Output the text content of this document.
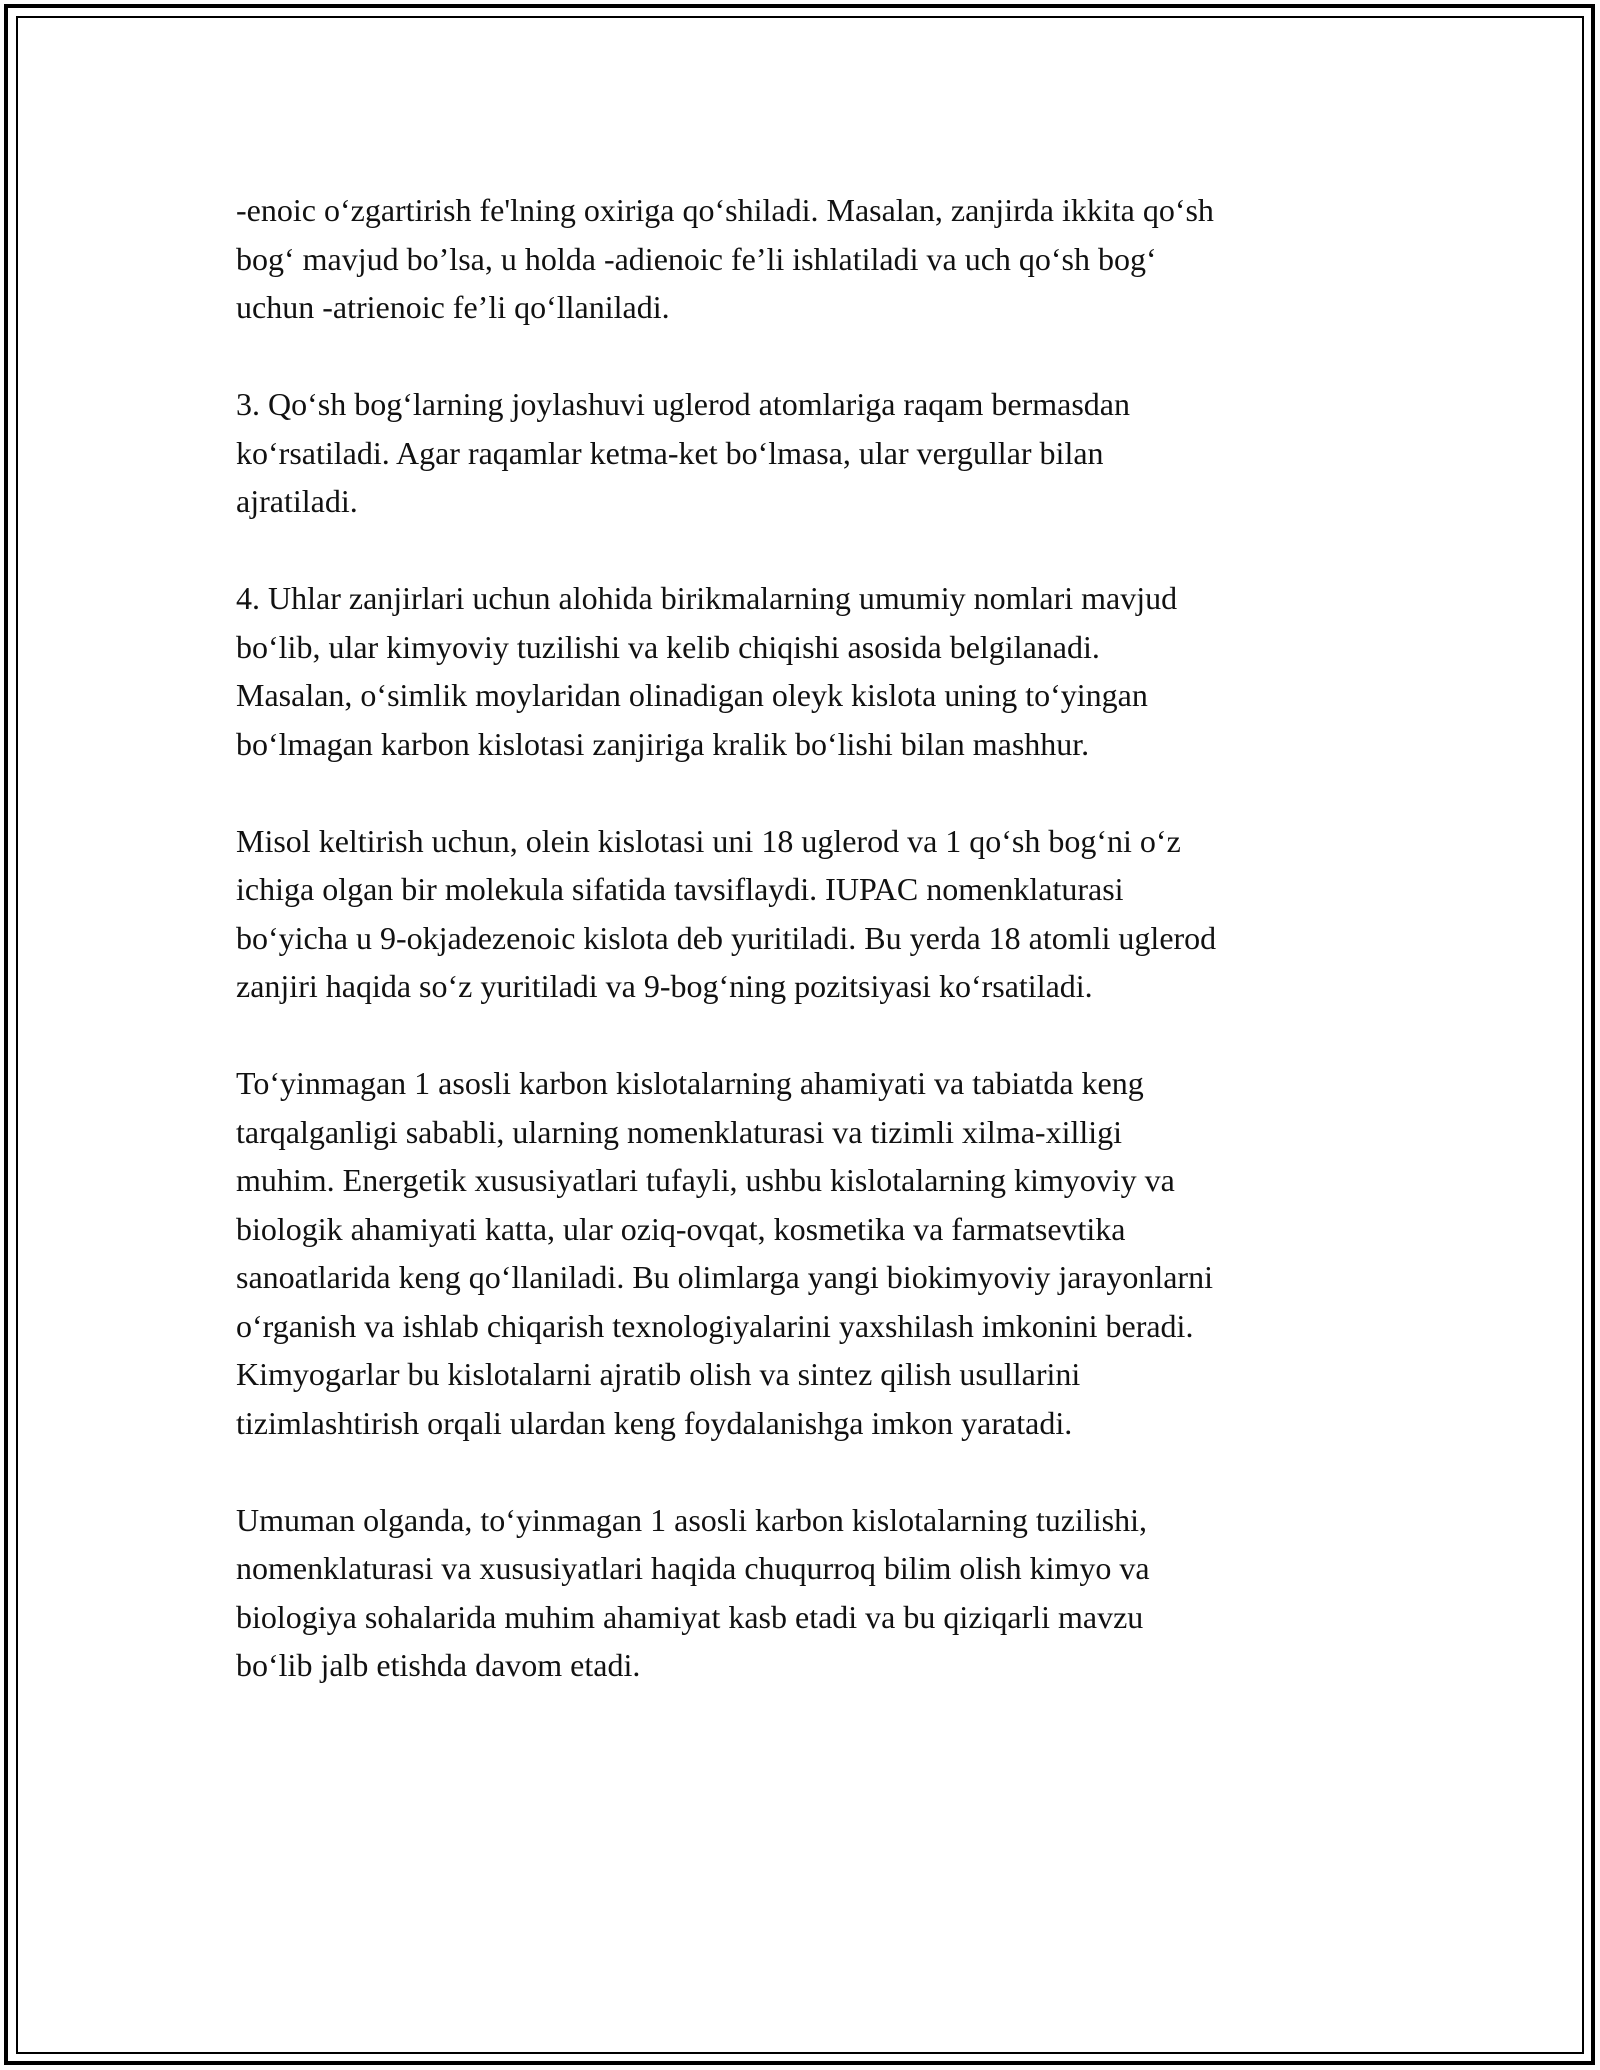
-enoic o‘zgartirish fe'lning oxiriga qo‘shiladi. Masalan, zanjirda ikkita qo‘sh
bog‘ mavjud bo’lsa, u holda -adienoic fe’li ishlatiladi va uch qo‘sh bog‘
uchun -atrienoic fe’li qo‘llaniladi.

3. Qo‘sh bog‘larning joylashuvi uglerod atomlariga raqam bermasdan
ko‘rsatiladi. Agar raqamlar ketma-ket bo‘lmasa, ular vergullar bilan
ajratiladi.

4. Uhlar zanjirlari uchun alohida birikmalarning umumiy nomlari mavjud
bo‘lib, ular kimyoviy tuzilishi va kelib chiqishi asosida belgilanadi.
Masalan, o‘simlik moylaridan olinadigan oleyk kislota uning to‘yingan
bo‘lmagan karbon kislotasi zanjiriga kralik bo‘lishi bilan mashhur.

Misol keltirish uchun, olein kislotasi uni 18 uglerod va 1 qo‘sh bog‘ni o‘z
ichiga olgan bir molekula sifatida tavsiflaydi. IUPAC nomenklaturasi
bo‘yicha u 9-okjadezenoic kislota deb yuritiladi. Bu yerda 18 atomli uglerod
zanjiri haqida so‘z yuritiladi va 9-bog‘ning pozitsiyasi ko‘rsatiladi.

To‘yinmagan 1 asosli karbon kislotalarning ahamiyati va tabiatda keng
tarqalganligi sababli, ularning nomenklaturasi va tizimli xilma-xilligi
muhim. Energetik xususiyatlari tufayli, ushbu kislotalarning kimyoviy va
biologik ahamiyati katta, ular oziq-ovqat, kosmetika va farmatsevtika
sanoatlarida keng qo‘llaniladi. Bu olimlarga yangi biokimyoviy jarayonlarni
o‘rganish va ishlab chiqarish texnologiyalarini yaxshilash imkonini beradi.
Kimyogarlar bu kislotalarni ajratib olish va sintez qilish usullarini
tizimlashtirish orqali ulardan keng foydalanishga imkon yaratadi.

Umuman olganda, to‘yinmagan 1 asosli karbon kislotalarning tuzilishi,
nomenklaturasi va xususiyatlari haqida chuqurroq bilim olish kimyo va
biologiya sohalarida muhim ahamiyat kasb etadi va bu qiziqarli mavzu
bo‘lib jalb etishda davom etadi.
